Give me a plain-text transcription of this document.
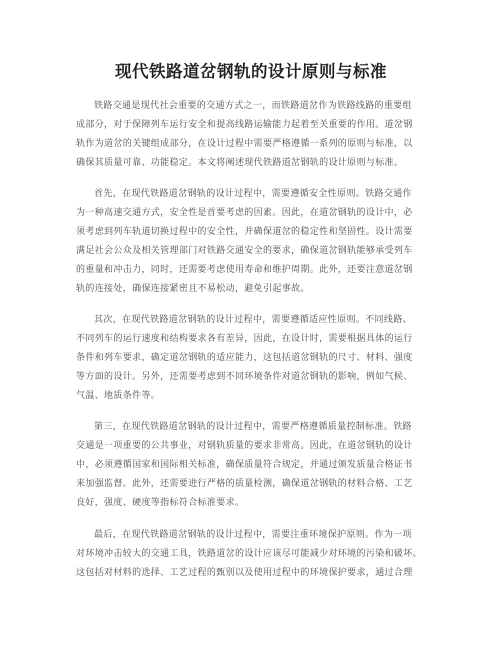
现代铁路道岔钢轨的设计原则与标准
铁路交通是现代社会重要的交通方式之一，而铁路道岔作为铁路线路的重要组
成部分，对于保障列车运行安全和提高线路运输能力起着至关重要的作用。道岔钢
轨作为道岔的关键组成部分，在设计过程中需要严格遵循一系列的原则与标准，以
确保其质量可靠、功能稳定。本文将阐述现代铁路道岔钢轨的设计原则与标准。
首先，在现代铁路道岔钢轨的设计过程中，需要遵循安全性原则。铁路交通作
为一种高速交通方式，安全性是首要考虑的因素。因此，在道岔钢轨的设计中，必
须考虑到列车轨道切换过程中的安全性，并确保道岔的稳定性和坚固性。设计需要
满足社会公众及相关管理部门对铁路交通安全的要求，确保道岔钢轨能够承受列车
的重量和冲击力，同时，还需要考虑使用寿命和维护周期。此外，还要注意道岔钢
轨的连接处，确保连接紧密且不易松动，避免引起事故。
其次，在现代铁路道岔钢轨的设计过程中，需要遵循适应性原则。不同线路、
不同列车的运行速度和结构要求各有差异，因此，在设计时，需要根据具体的运行
条件和列车要求，确定道岔钢轨的适应能力，这包括道岔钢轨的尺寸、材料、强度
等方面的设计。另外，还需要考虑到不同环境条件对道岔钢轨的影响，例如气候、
气温、地质条件等。
第三，在现代铁路道岔钢轨的设计过程中，需要严格遵循质量控制标准。铁路
交通是一项重要的公共事业，对钢轨质量的要求非常高。因此，在道岔钢轨的设计
中，必须遵循国家和国际相关标准，确保质量符合规定，并通过颁发质量合格证书
来加强监督。此外，还需要进行严格的质量检测，确保道岔钢轨的材料合格、工艺
良好，强度、硬度等指标符合标准要求。
最后，在现代铁路道岔钢轨的设计过程中，需要注重环境保护原则。作为一项
对环境冲击较大的交通工具，铁路道岔的设计应该尽可能减少对环境的污染和破坏。
这包括对材料的选择、工艺过程的甄别以及使用过程中的环境保护要求，通过合理
